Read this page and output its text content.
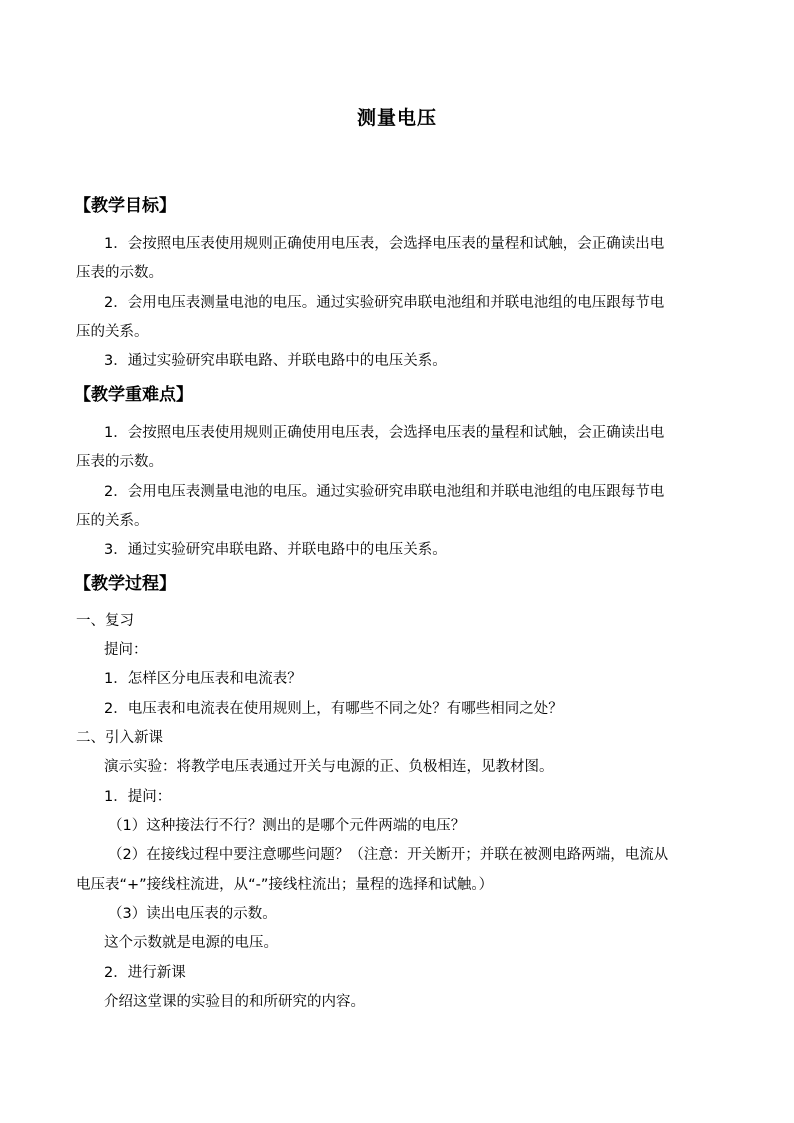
测量电压
【教学目标】
1．会按照电压表使用规则正确使用电压表，会选择电压表的量程和试触，会正确读出电
压表的示数。
2．会用电压表测量电池的电压。通过实验研究串联电池组和并联电池组的电压跟每节电
压的关系。
3．通过实验研究串联电路、并联电路中的电压关系。
【教学重难点】
1．会按照电压表使用规则正确使用电压表，会选择电压表的量程和试触，会正确读出电
压表的示数。
2．会用电压表测量电池的电压。通过实验研究串联电池组和并联电池组的电压跟每节电
压的关系。
3．通过实验研究串联电路、并联电路中的电压关系。
【教学过程】
一、复习
提问：
1．怎样区分电压表和电流表？
2．电压表和电流表在使用规则上，有哪些不同之处？有哪些相同之处？
二、引入新课
演示实验：将教学电压表通过开关与电源的正、负极相连，见教材图。
1．提问：
（1）这种接法行不行？测出的是哪个元件两端的电压？
（2）在接线过程中要注意哪些问题？（注意：开关断开；并联在被测电路两端，电流从
电压表“+”接线柱流进，从“-”接线柱流出；量程的选择和试触。）
（3）读出电压表的示数。
这个示数就是电源的电压。
2．进行新课
介绍这堂课的实验目的和所研究的内容。
